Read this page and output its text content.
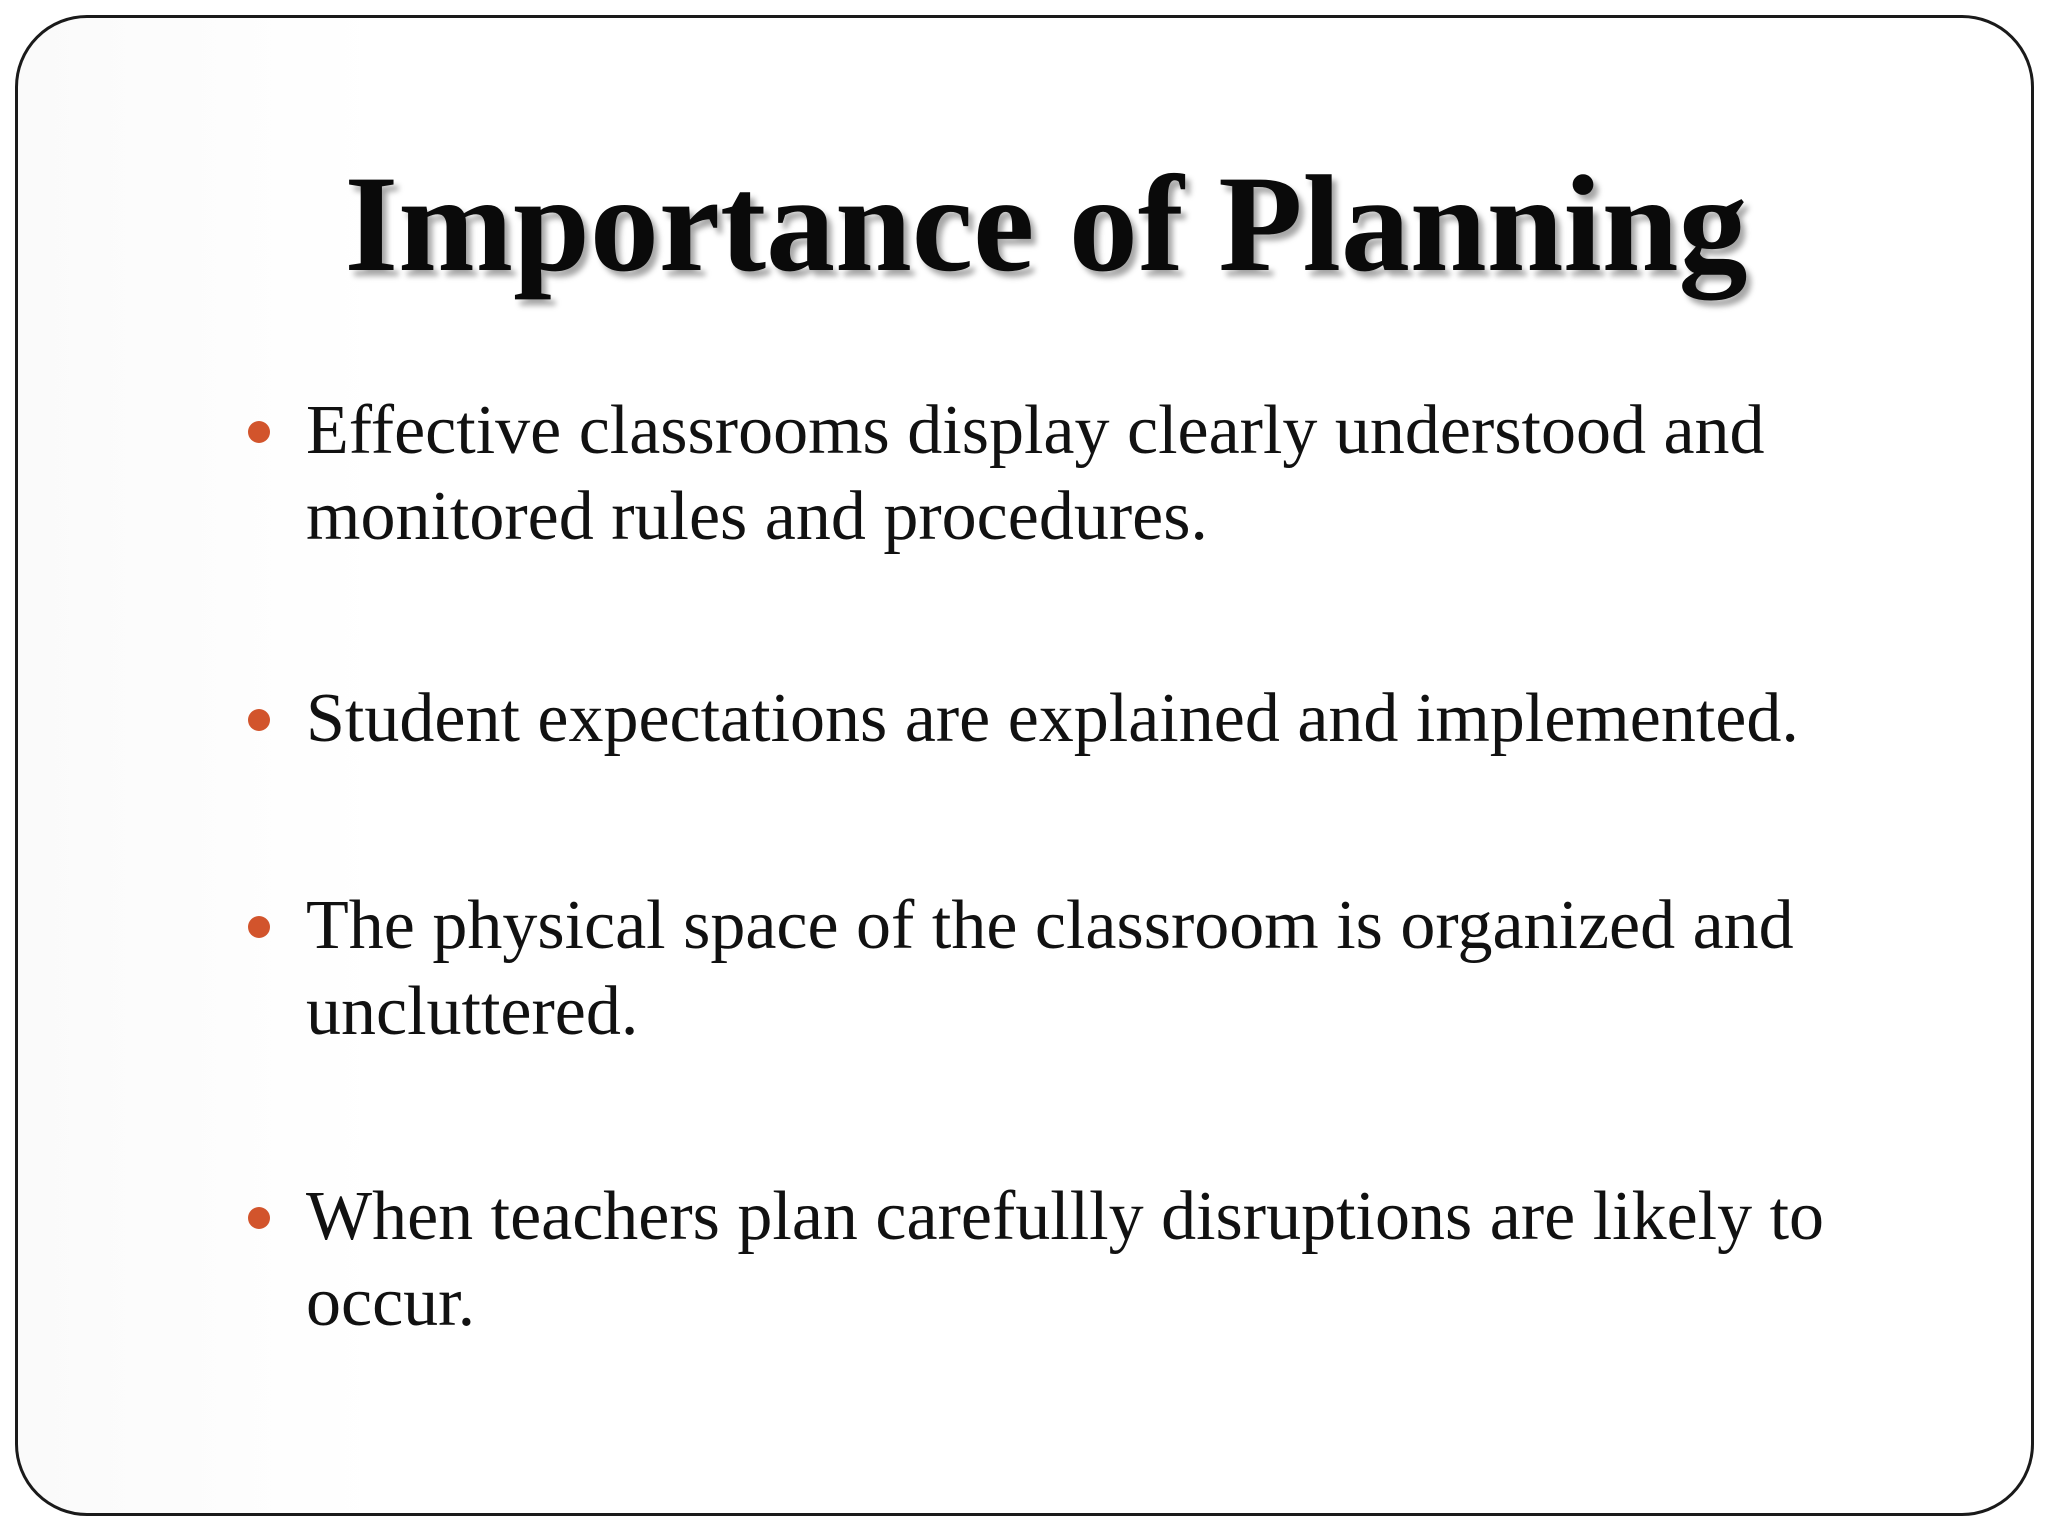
Importance of Planning
Effective classrooms display clearly understood and monitored rules and procedures.
Student expectations are explained and implemented.
The physical space of the classroom is organized and uncluttered.
When teachers plan carefullly disruptions are likely to occur.
